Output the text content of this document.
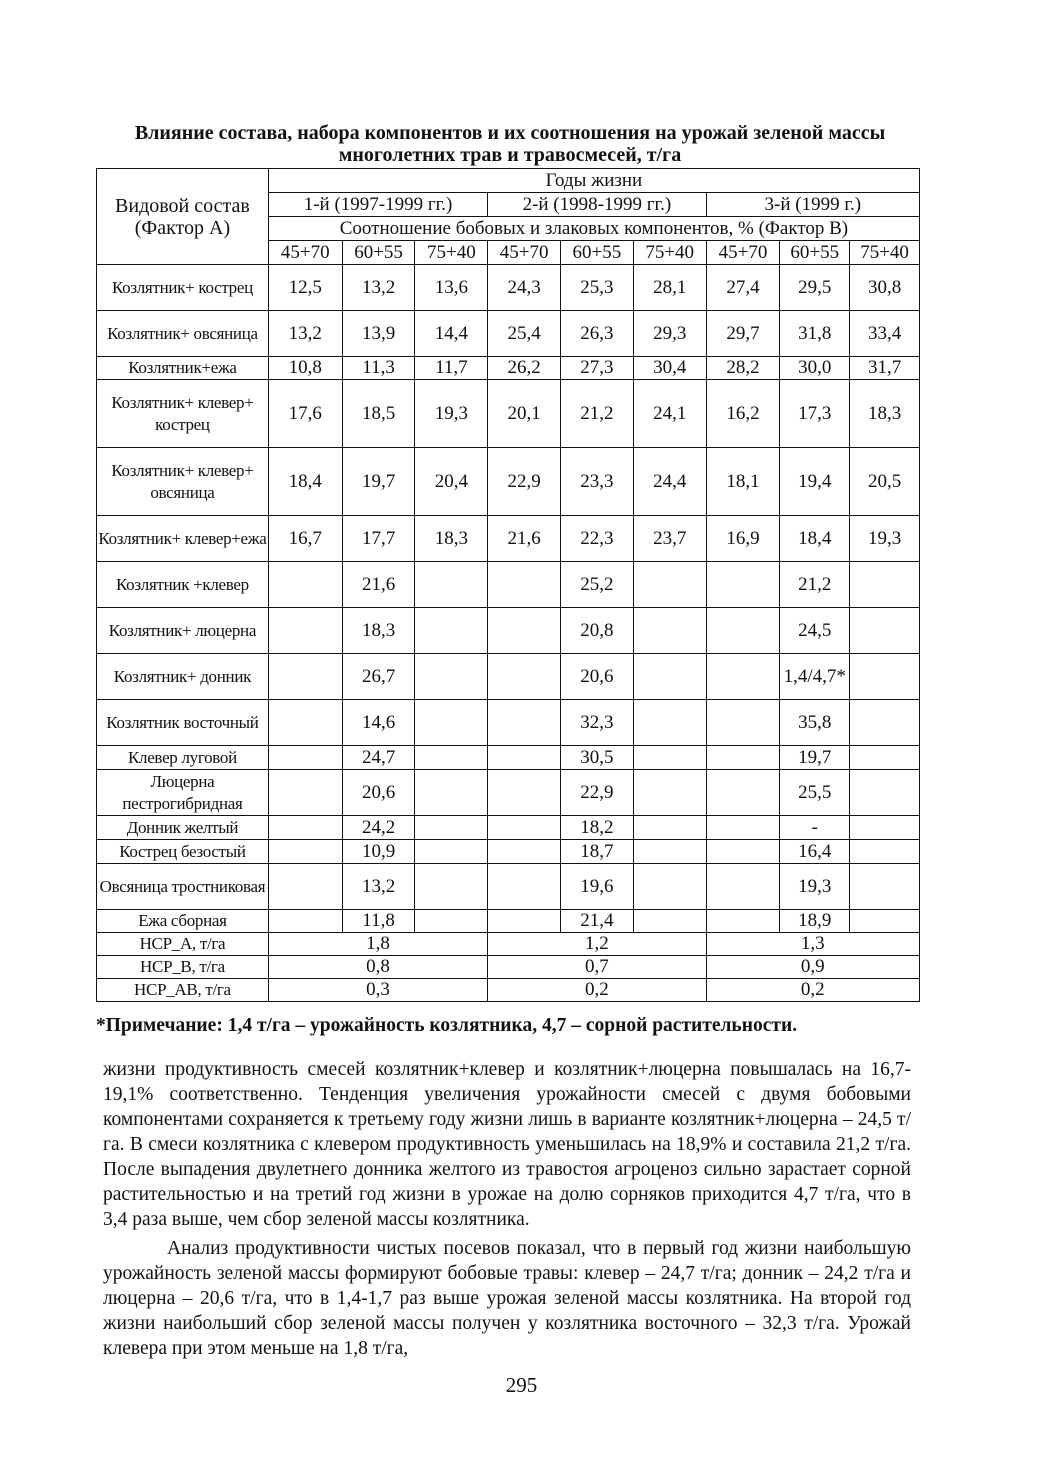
Влияние состава, набора компонентов и их соотношения на урожай зеленой массы многолетних трав и травосмесей, т/га
Видовой состав (Фактор А)	Годы жизни								
	1-й (1997-1999 гг.)			2-й (1998-1999 гг.)			3-й (1999 г.)		
	Соотношение бобовых и злаковых компонентов, % (Фактор В)								
	45+70	60+55	75+40	45+70	60+55	75+40	45+70	60+55	75+40
Козлятник+ кострец	12,5	13,2	13,6	24,3	25,3	28,1	27,4	29,5	30,8
Козлятник+ овсяница	13,2	13,9	14,4	25,4	26,3	29,3	29,7	31,8	33,4
Козлятник+ежа	10,8	11,3	11,7	26,2	27,3	30,4	28,2	30,0	31,7
Козлятник+ клевер+ кострец	17,6	18,5	19,3	20,1	21,2	24,1	16,2	17,3	18,3
Козлятник+ клевер+ овсяница	18,4	19,7	20,4	22,9	23,3	24,4	18,1	19,4	20,5
Козлятник+ клевер+ежа	16,7	17,7	18,3	21,6	22,3	23,7	16,9	18,4	19,3
Козлятник +клевер		21,6			25,2			21,2	
Козлятник+ люцерна		18,3			20,8			24,5	
Козлятник+ донник		26,7			20,6			1,4/4,7*	
Козлятник восточный		14,6			32,3			35,8	
Клевер луговой		24,7			30,5			19,7	
Люцерна пестрогибридная		20,6			22,9			25,5	
Донник желтый		24,2			18,2			-	
Кострец безостый		10,9			18,7			16,4	
Овсяница тростниковая		13,2			19,6			19,3	
Ежа сборная		11,8			21,4			18,9	
НСР_А, т/га	1,8			1,2			1,3		
НСР_В, т/га	0,8			0,7			0,9		
НСР_АВ, т/га	0,3			0,2			0,2		
*Примечание: 1,4 т/га – урожайность козлятника, 4,7 – сорной растительности.

жизни продуктивность смесей козлятник+клевер и козлятник+люцерна повышалась на 16,7-19,1% соответственно. Тенденция увеличения урожайности смесей с двумя бобовыми компонентами сохраняется к третьему году жизни лишь в варианте козлятник+люцерна – 24,5 т/га. В смеси козлятника с клевером продуктивность уменьшилась на 18,9% и составила 21,2 т/га. После выпадения двулетнего донника желтого из травостоя агроценоз сильно зарастает сорной растительностью и на третий год жизни в урожае на долю сорняков приходится 4,7 т/га, что в 3,4 раза выше, чем сбор зеленой массы козлятника.

Анализ продуктивности чистых посевов показал, что в первый год жизни наибольшую урожайность зеленой массы формируют бобовые травы: клевер – 24,7 т/га; донник – 24,2 т/га и люцерна – 20,6 т/га, что в 1,4-1,7 раз выше урожая зеленой массы козлятника. На второй год жизни наибольший сбор зеленой массы получен у козлятника восточного – 32,3 т/га. Урожай клевера при этом меньше на 1,8 т/га,

295
